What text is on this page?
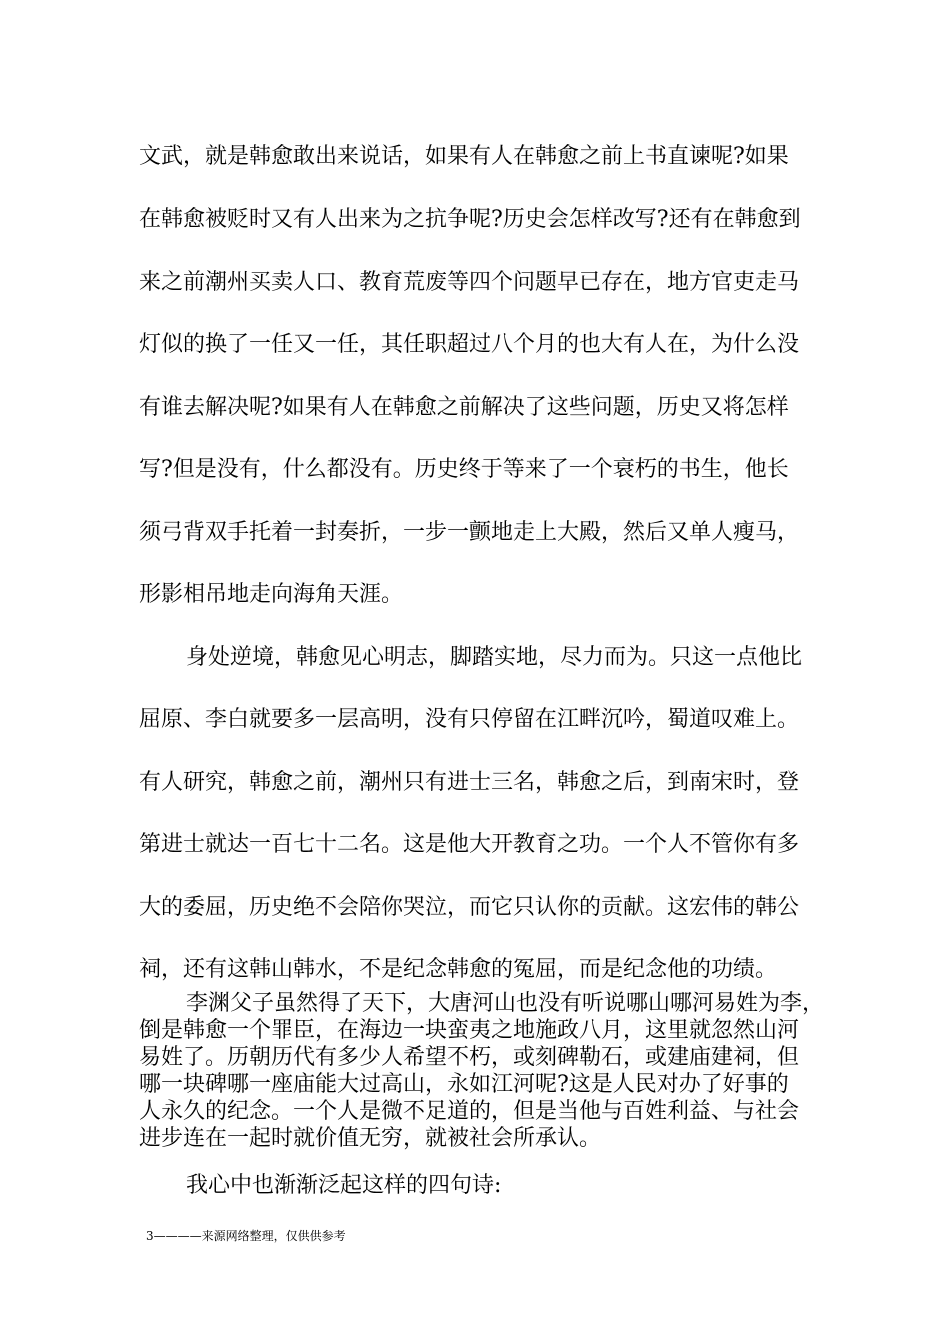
文武，就是韩愈敢出来说话，如果有人在韩愈之前上书直谏呢?如果
在韩愈被贬时又有人出来为之抗争呢?历史会怎样改写?还有在韩愈到
来之前潮州买卖人口、教育荒废等四个问题早已存在，地方官吏走马
灯似的换了一任又一任，其任职超过八个月的也大有人在，为什么没
有谁去解决呢?如果有人在韩愈之前解决了这些问题，历史又将怎样
写?但是没有，什么都没有。历史终于等来了一个衰朽的书生，他长
须弓背双手托着一封奏折，一步一颤地走上大殿，然后又单人瘦马，
形影相吊地走向海角天涯。
身处逆境，韩愈见心明志，脚踏实地，尽力而为。只这一点他比
屈原、李白就要多一层高明，没有只停留在江畔沉吟，蜀道叹难上。
有人研究，韩愈之前，潮州只有进士三名，韩愈之后，到南宋时，登
第进士就达一百七十二名。这是他大开教育之功。一个人不管你有多
大的委屈，历史绝不会陪你哭泣，而它只认你的贡献。这宏伟的韩公
祠，还有这韩山韩水，不是纪念韩愈的冤屈，而是纪念他的功绩。
李渊父子虽然得了天下，大唐河山也没有听说哪山哪河易姓为李，
倒是韩愈一个罪臣，在海边一块蛮夷之地施政八月，这里就忽然山河
易姓了。历朝历代有多少人希望不朽，或刻碑勒石，或建庙建祠，但
哪一块碑哪一座庙能大过高山，永如江河呢?这是人民对办了好事的
人永久的纪念。一个人是微不足道的，但是当他与百姓利益、与社会
进步连在一起时就价值无穷，就被社会所承认。
我心中也渐渐泛起这样的四句诗:
3————来源网络整理，仅供供参考
